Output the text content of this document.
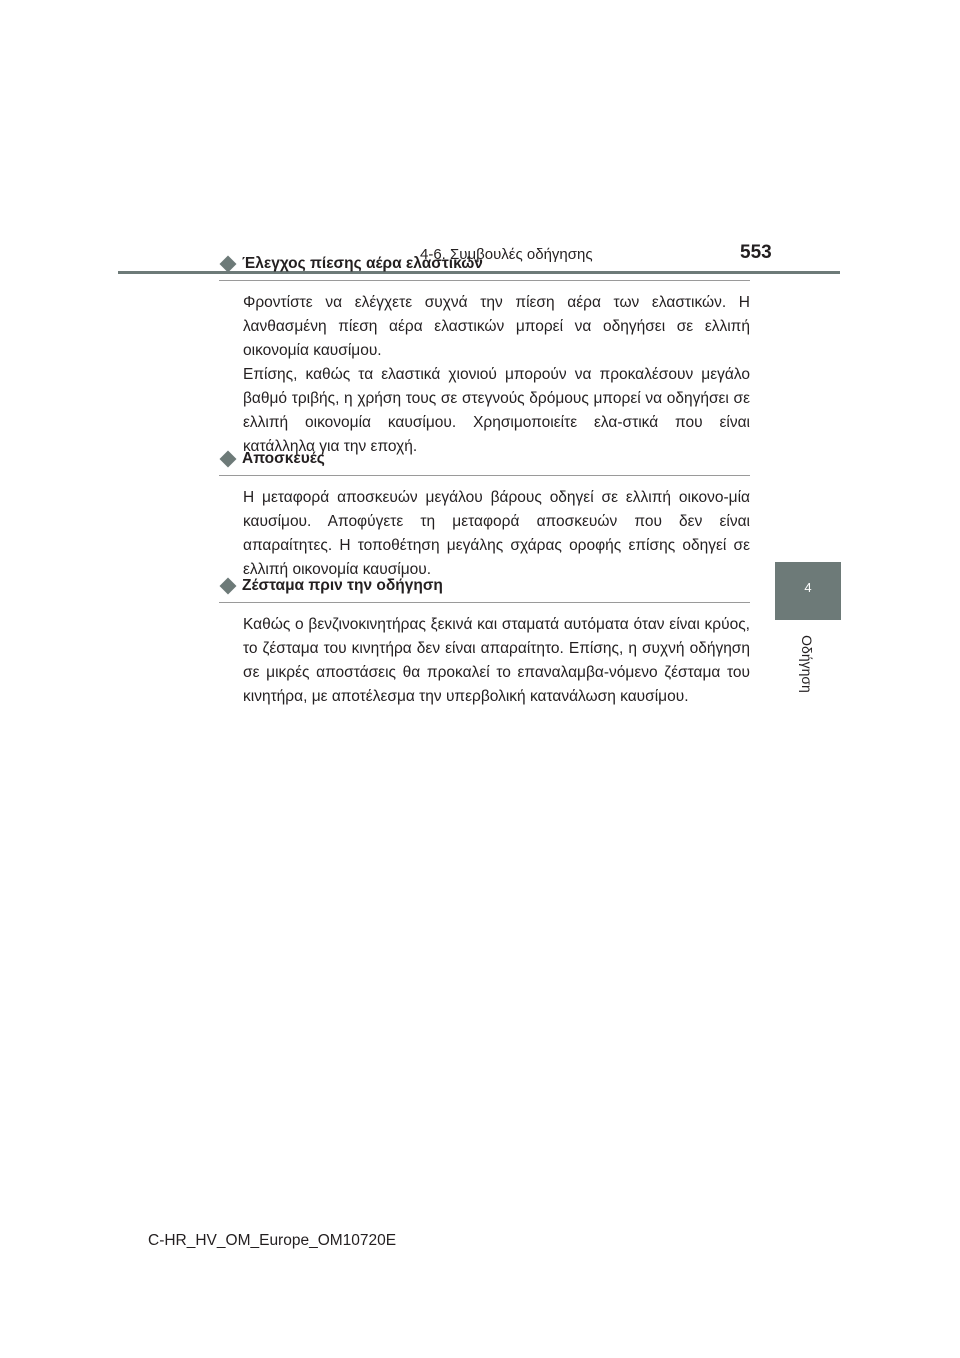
4-6. Συμβουλές οδήγησης	553
4
Οδήγηση
Έλεγχος πίεσης αέρα ελαστικών

Φροντίστε να ελέγχετε συχνά την πίεση αέρα των ελαστικών. Η λανθασμένη πίεση αέρα ελαστικών μπορεί να οδηγήσει σε ελλιπή οικονομία καυσίμου.

Επίσης, καθώς τα ελαστικά χιονιού μπορούν να προκαλέσουν μεγάλο βαθμό τριβής, η χρήση τους σε στεγνούς δρόμους μπορεί να οδηγήσει σε ελλιπή οικονομία καυσίμου. Χρησιμοποιείτε ελα-στικά που είναι κατάλληλα για την εποχή.

Αποσκευές

Η μεταφορά αποσκευών μεγάλου βάρους οδηγεί σε ελλιπή οικονο-μία καυσίμου. Αποφύγετε τη μεταφορά αποσκευών που δεν είναι απαραίτητες. Η τοποθέτηση μεγάλης σχάρας οροφής επίσης οδηγεί σε ελλιπή οικονομία καυσίμου.

Ζέσταμα πριν την οδήγηση

Καθώς ο βενζινοκινητήρας ξεκινά και σταματά αυτόματα όταν είναι κρύος, το ζέσταμα του κινητήρα δεν είναι απαραίτητο. Επίσης, η συχνή οδήγηση σε μικρές αποστάσεις θα προκαλεί το επαναλαμβα-νόμενο ζέσταμα του κινητήρα, με αποτέλεσμα την υπερβολική κατανάλωση καυσίμου.

C-HR_HV_OM_Europe_OM10720E
